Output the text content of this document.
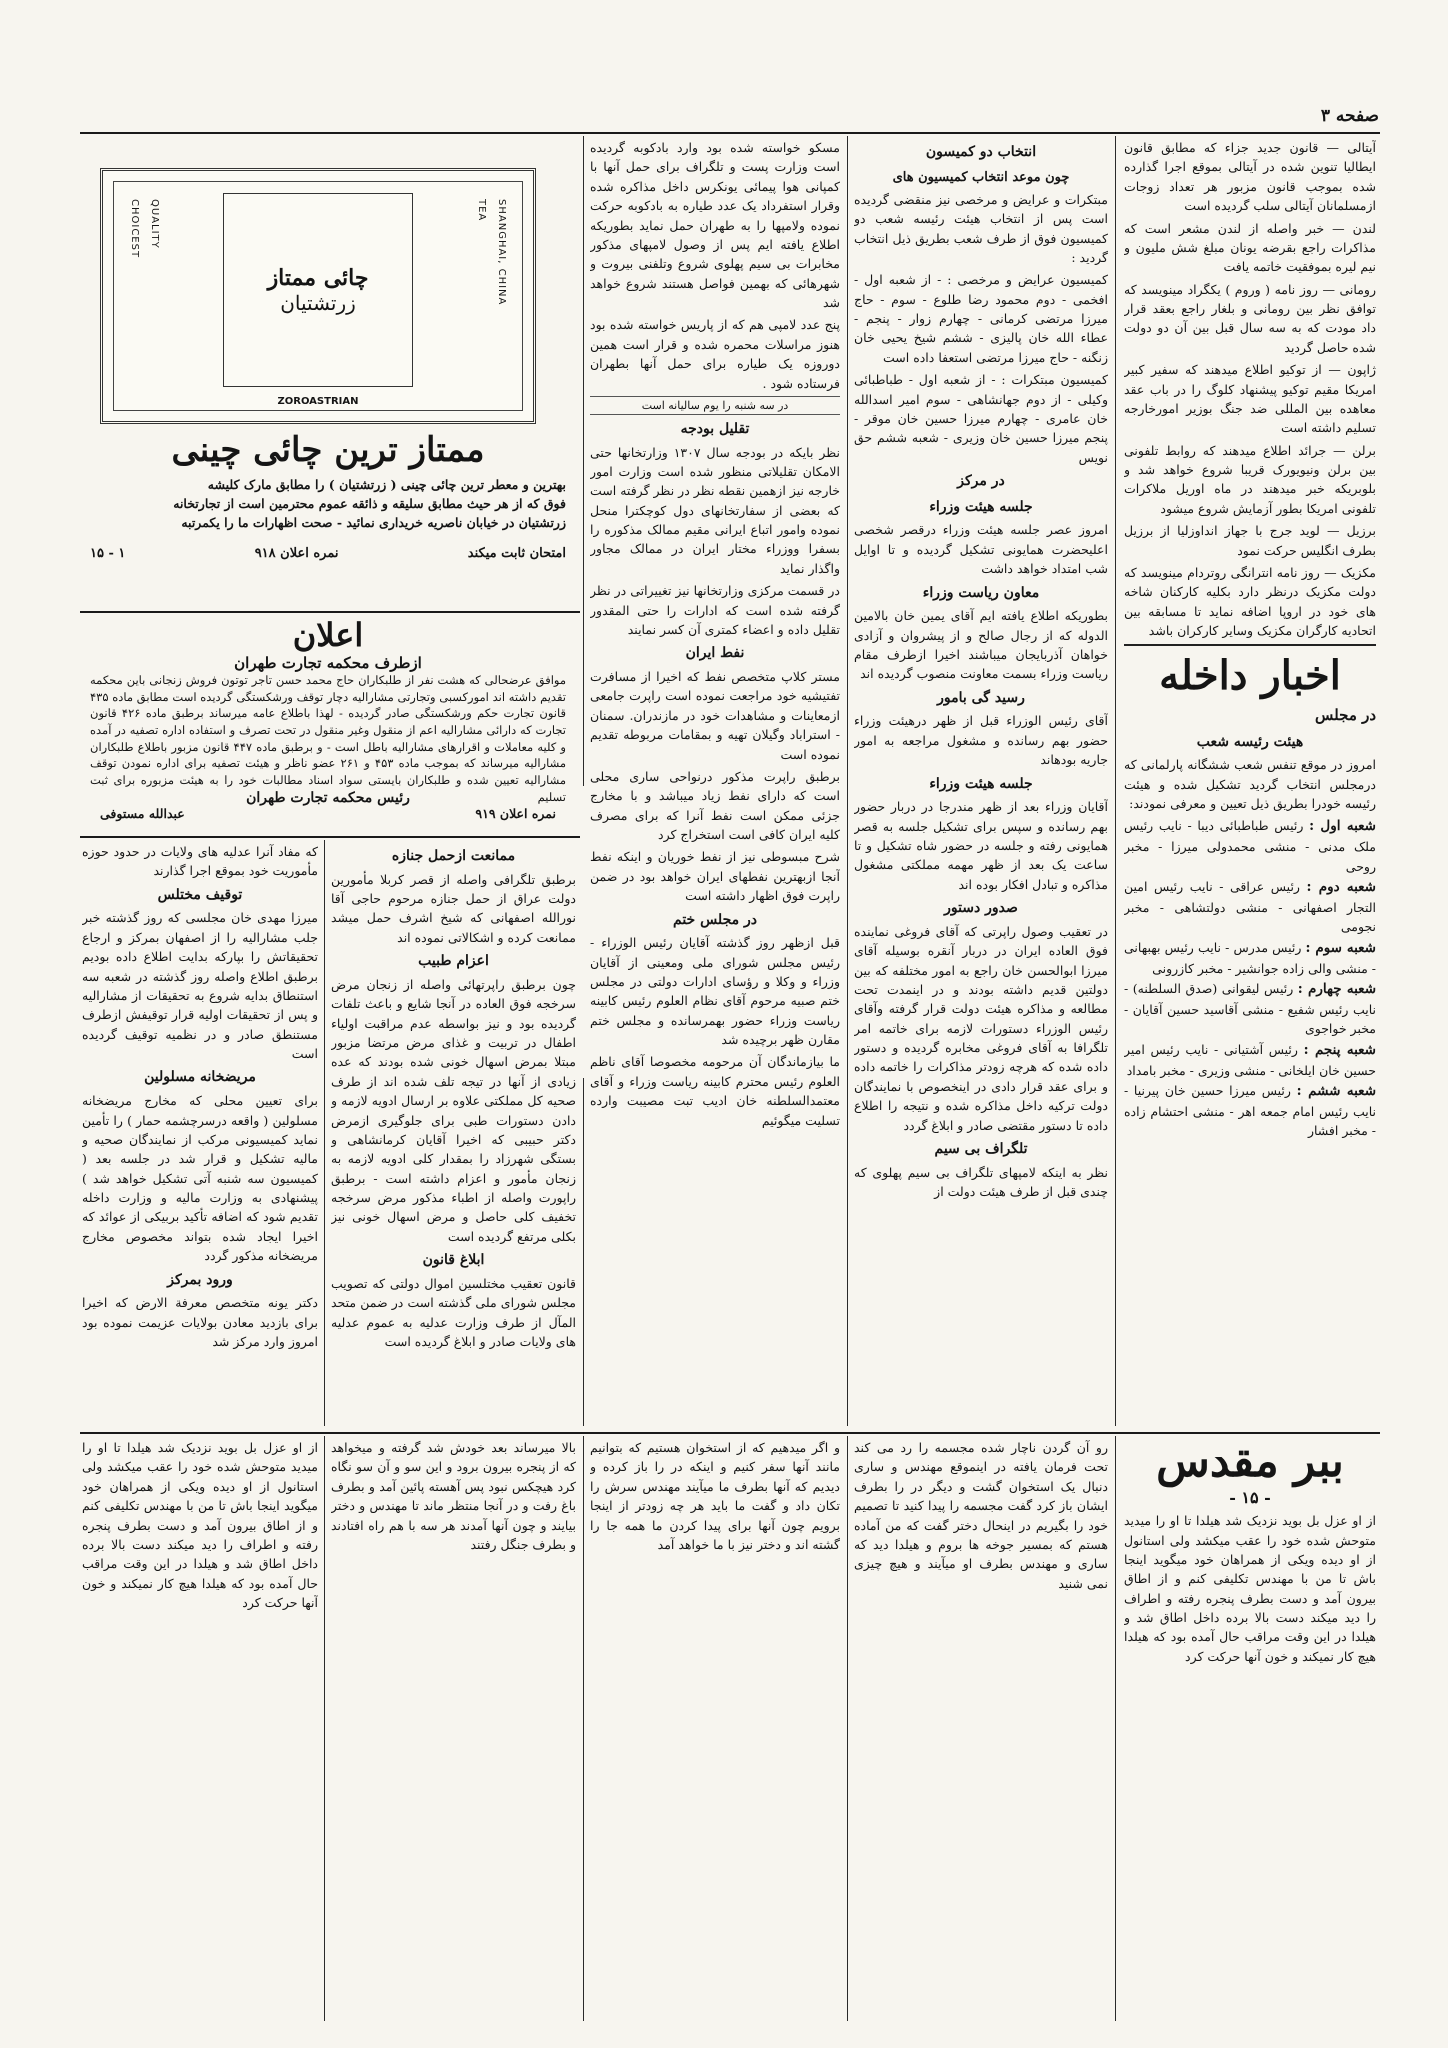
صفحه ۳

آیتالی — قانون جدید جزاء که مطابق قانون ایطالیا تنوین شده در آیتالی بموقع اجرا گذارده شده بموجب قانون مزبور هر تعداد زوجات ازمسلمانان آیتالی سلب گردیده است

لندن — خبر واصله از لندن مشعر است که مذاکرات راجع بقرضه یونان مبلغ شش ملیون و نیم لیره بموفقیت خاتمه یافت

رومانی — روز نامه ( وروم ) یکگراد مینویسد که توافق نظر بین رومانی و بلغار راجع بعقد قرار داد مودت که به سه سال قبل بین آن دو دولت شده حاصل گردید

ژاپون — از توکیو اطلاع میدهند که سفیر کبیر امریکا مقیم توکیو پیشنهاد کلوگ را در باب عقد معاهده بین المللی ضد جنگ بوزیر امورخارجه تسلیم داشته است

برلن — جرائد اطلاع میدهند که روابط تلفونی بین برلن ونیویورک قریبا شروع خواهد شد و بلوبریکه خبر میدهند در ماه اوریل ملاکرات تلفونی امریکا بطور آزمایش شروع میشود

برزیل — لوید جرج با جهاز انداوزلیا از برزیل بطرف انگلیس حرکت نمود

مکزیک — روز نامه انترانگی روتردام مینویسد که دولت مکزیک درنظر دارد بکلیه کارکنان شاخه های خود در اروپا اضافه نماید تا مسابقه بین اتحادیه کارگران مکزیک وسایر کارکران باشد

اخبار داخله
در مجلس
هیئت رئیسه شعب

امروز در موقع تنفس شعب ششگانه پارلمانی که درمجلس انتخاب گردید تشکیل شده و هیئت رئیسه خودرا بطریق ذیل تعیین و معرفی نمودند:

شعبه اول : رئیس طباطبائی دیبا - نایب رئیس ملک مدنی - منشی محمدولی میرزا - مخبر روحی
شعبه دوم : رئیس عراقی - نایب رئیس امین التجار اصفهانی - منشی دولتشاهی - مخبر نجومی
شعبه سوم : رئیس مدرس - نایب رئیس بهبهانی - منشی والی زاده جوانشیر - مخبر کازرونی
شعبه چهارم : رئیس لیقوانی (صدق السلطنه) - نایب رئیس شفیع - منشی آقاسید حسین آقایان - مخبر خواجوی
شعبه پنجم : رئیس آشتیانی - نایب رئیس امیر حسین خان ایلخانی - منشی وزیری - مخبر بامداد
شعبه ششم : رئیس میرزا حسین خان پیرنیا - نایب رئیس امام جمعه اهر - منشی احتشام زاده - مخبر افشار
انتخاب دو کمیسون
چون موعد انتخاب کمیسیون های

مبتکرات و عرایض و مرخصی نیز منقضی گردیده است پس از انتخاب هیئت رئیسه شعب دو کمیسیون فوق از طرف شعب بطریق ذیل انتخاب گردید :

کمیسیون عرایض و مرخصی : - از شعبه اول - افخمی - دوم محمود رضا طلوع - سوم - حاج میرزا مرتضی کرمانی - چهارم زوار - پنجم - عطاء الله خان پالیزی - ششم شیخ یحیی خان زنگنه - حاج میرزا مرتضی استعفا داده است

کمیسیون مبتکرات : - از شعبه اول - طباطبائی وکیلی - از دوم جهانشاهی - سوم امیر اسدالله خان عامری - چهارم میرزا حسین خان موقر - پنجم میرزا حسین خان وزیری - شعبه ششم حق نویس

در مرکز
جلسه هیئت وزراء

امروز عصر جلسه هیئت وزراء درقصر شخصی اعلیحضرت همایونی تشکیل گردیده و تا اوایل شب امتداد خواهد داشت

معاون ریاست وزراء

بطوریکه اطلاع یافته ایم آقای یمین خان بالامین الدوله که از رجال صالح و از پیشروان و آزادی خواهان آذربایجان میباشند اخیرا ازطرف مقام ریاست وزراء بسمت معاونت منصوب گردیده اند

رسید گی بامور

آقای رئیس الوزراء قبل از ظهر درهیئت وزراء حضور بهم رسانده و مشغول مراجعه به امور جاریه بودهاند

جلسه هیئت وزراء

آقایان وزراء بعد از ظهر مندرجا در دربار حضور بهم رسانده و سپس برای تشکیل جلسه به قصر همایونی رفته و جلسه در حضور شاه تشکیل و تا ساعت یک بعد از ظهر مهمه مملکتی مشغول مذاکره و تبادل افکار بوده اند

صدور دستور

در تعقیب وصول راپرتی که آقای فروغی نماینده فوق العاده ایران در دربار آنقره بوسیله آقای میرزا ابوالحسن خان راجع به امور مختلفه که بین دولتین قدیم داشته بودند و در اینمدت تحت مطالعه و مذاکره هیئت دولت قرار گرفته وآقای رئیس الوزراء دستورات لازمه برای خاتمه امر تلگرافا به آقای فروغی مخابره گردیده و دستور داده شده که هرچه زودتر مذاکرات را خاتمه داده و برای عقد قرار دادی در اینخصوص با نمایندگان دولت ترکیه داخل مذاکره شده و نتیجه را اطلاع داده تا دستور مقتضی صادر و ابلاغ گردد

تلگراف بی سیم

نظر به اینکه لامپهای تلگراف بی سیم پهلوی که چندی قبل از طرف هیئت دولت از

مسکو خواسته شده بود وارد بادکوبه گردیده است وزارت پست و تلگراف برای حمل آنها با کمپانی هوا پیمائی یونکرس داخل مذاکره شده وقرار استفرداد یک عدد طیاره به بادکوبه حرکت نموده ولامپها را به طهران حمل نماید بطوریکه اطلاع یافته ایم پس از وصول لامپهای مذکور مخابرات بی سیم پهلوی شروع وتلفنی بیروت و شهرهائی که بهمین فواصل هستند شروع خواهد شد

پنج عدد لامپی هم که از پاریس خواسته شده بود هنوز مراسلات محمره شده و قرار است همین دوروزه یک طیاره برای حمل آنها بطهران فرستاده شود .

در سه شنبه را یوم سالیانه است

تقلیل بودجه

نظر بایکه در بودجه سال ۱۳۰۷ وزارتخانها حتی الامکان تقلیلاتی منظور شده است وزارت امور خارجه نیز ازهمین نقطه نظر در نظر گرفته است که بعضی از سفارتخانهای دول کوچکترا منحل نموده وامور اتباع ایرانی مقیم ممالک مذکوره را بسفرا ووزراء مختار ایران در ممالک مجاور واگذار نماید

در قسمت مرکزی وزارتخانها نیز تغییراتی در نظر گرفته شده است که ادارات را حتی المقدور تقلیل داده و اعضاء کمتری آن کسر نمایند

نفط ایران

مستر کلاپ متخصص نفط که اخیرا از مسافرت تفتیشیه خود مراجعت نموده است راپرت جامعی ازمعاینات و مشاهدات خود در مازندران. سمنان - استراباد وگیلان تهیه و بمقامات مربوطه تقدیم نموده است

برطبق راپرت مذکور درنواحی ساری محلی است که دارای نفط زیاد میباشد و با مخارج جزئی ممکن است نفط آنرا که برای مصرف کلیه ایران کافی است استخراج کرد

شرح مبسوطی نیز از نفط خوریان و اینکه نفط آنجا ازبهترین نفطهای ایران خواهد بود در ضمن راپرت فوق اظهار داشته است

در مجلس ختم

قبل ازظهر روز گذشته آقایان رئیس الوزراء - رئیس مجلس شورای ملی ومعینی از آقایان وزراء و وکلا و رؤسای ادارات دولتی در مجلس ختم صبیه مرحوم آقای نظام العلوم رئیس کابینه ریاست وزراء حضور بهمرسانده و مجلس ختم مقارن ظهر برچیده شد

ما بیازماندگان آن مرحومه مخصوصا آقای ناظم العلوم رئیس محترم کابینه ریاست وزراء و آقای معتمدالسلطنه خان ادیب تبت مصیبت وارده تسلیت میگوئیم

CHOICEST QUALITY	SHANGHAI, CHINA
TEA
چائی ممتاز
زرتشتیان
ZOROASTRIAN
ممتاز ترین چائی چینی
بهترین و معطر ترین چائی چینی ( زرتشتیان ) را مطابق مارک کلیشه
فوق که از هر حیث مطابق سلیقه و ذائقه عموم محترمین است از تجارتخانه
زرتشتیان در خیابان ناصریه خریداری نمائید - صحت اظهارات ما را یکمرتبه
امتحان ثابت میکند
نمره اعلان ۹۱۸
۱ - ۱۵
اعلان
ازطرف محکمه تجارت طهران
موافق عرضحالی که هشت نفر از طلبکاران حاج محمد حسن تاجر توتون فروش زنجانی باین محکمه تقدیم داشته اند امورکسبی وتجارتی مشارالیه دچار توقف ورشکستگی گردیده است مطابق ماده ۴۳۵ قانون تجارت حکم ورشکستگی صادر گردیده - لهذا باطلاع عامه میرساند برطبق ماده ۴۲۶ قانون تجارت که دارائی مشارالیه اعم از منقول وغیر منقول در تحت تصرف و استفاده اداره تصفیه در آمده و کلیه معاملات و اقرارهای مشارالیه باطل است - و برطبق ماده ۴۴۷ قانون مزبور باطلاع طلبکاران مشارالیه میرساند که بموجب ماده ۴۵۳ و ۲۶۱ عضو ناظر و هیئت تصفیه برای اداره نمودن توقف مشارالیه تعیین شده و طلبکاران بایستی سواد اسناد مطالبات خود را به هیئت مزبوره برای ثبت تسلیم
رئیس محکمه تجارت طهران
نمره اعلان ۹۱۹
عبدالله مستوفی
ممانعت ازحمل جنازه

برطبق تلگرافی واصله از قصر کربلا مأمورین دولت عراق از حمل جنازه مرحوم حاجی آقا نورالله اصفهانی که شیخ اشرف حمل میشد ممانعت کرده و اشکالاتی نموده اند

اعزام طبیب

چون برطبق راپرتهائی واصله از زنجان مرض سرخجه فوق العاده در آنجا شایع و باعث تلفات گردیده بود و نیز بواسطه عدم مراقبت اولیاء اطفال در تربیت و غذای مرض مرتضا مزبور مبتلا بمرض اسهال خونی شده بودند که عده زیادی از آنها در تیجه تلف شده اند از طرف صحیه کل مملکتی علاوه بر ارسال ادویه لازمه و دادن دستورات طبی برای جلوگیری ازمرض دکتر حبیبی که اخیرا آقایان کرمانشاهی و بستگی شهرزاد را بمقدار کلی ادویه لازمه به زنجان مأمور و اعزام داشته است - برطبق راپورت واصله از اطباء مذکور مرض سرخجه تخفیف کلی حاصل و مرض اسهال خونی نیز بکلی مرتفع گردیده است

ابلاغ قانون

قانون تعقیب مختلسین اموال دولتی که تصویب مجلس شورای ملی گذشته است در ضمن متحد المآل از طرف وزارت عدلیه به عموم عدلیه های ولایات صادر و ابلاغ گردیده است

که مفاد آنرا عدلیه های ولایات در حدود حوزه مأموریت خود بموقع اجرا گذارند

توقیف مختلس

میرزا مهدی خان مجلسی که روز گذشته خبر جلب مشارالیه را از اصفهان بمرکز و ارجاع تحقیقاتش را بپارکه بدایت اطلاع داده بودیم برطبق اطلاع واصله روز گذشته در شعبه سه استنطاق بدایه شروع به تحقیقات از مشارالیه و پس از تحقیقات اولیه قرار توقیفش ازطرف مستنطق صادر و در نظمیه توقیف گردیده است

مریضخانه مسلولین

برای تعیین محلی که مخارج مریضخانه مسلولین ( واقعه درسرچشمه حمار ) را تأمین نماید کمیسیونی مرکب از نمایندگان صحیه و مالیه تشکیل و قرار شد در جلسه بعد ( کمیسیون سه شنبه آتی تشکیل خواهد شد ) پیشنهادی به وزارت مالیه و وزارت داخله تقدیم شود که اضافه تأکید بربیکی از عوائد که اخیرا ایجاد شده بتواند مخصوص مخارج مریضخانه مذکور گردد

ورود بمرکز

دکتر یونه متخصص معرفة الارض که اخیرا برای بازدید معادن بولایات عزیمت نموده بود امروز وارد مرکز شد

ببر مقدس
- ۱۵ -

از او عزل بل بوید نزدیک شد هیلدا تا او را میدید متوحش شده خود را عقب میکشد ولی استانول از او دیده ویکی از همراهان خود میگوید اینجا باش تا من با مهندس تکلیفی کنم و از اطاق بیرون آمد و دست بطرف پنجره رفته و اطراف را دید میکند دست بالا برده داخل اطاق شد و هیلدا در این وقت مراقب حال آمده بود که هیلدا هیچ کار نمیکند و خون آنها حرکت کرد

رو آن گردن ناچار شده مجسمه را رد می کند تحت فرمان یافته در اینموقع مهندس و ساری دنبال یک استخوان گشت و دیگر در را بطرف ایشان باز کرد گفت مجسمه را پیدا کنید تا تصمیم خود را بگیریم در اینحال دختر گفت که من آماده هستم که بمسیر جوخه ها بروم و هیلدا دید که ساری و مهندس بطرف او میآیند و هیچ چیزی نمی شنید

و اگر میدهیم که از استخوان هستیم که بتوانیم مانند آنها سفر کنیم و اینکه در را باز کرده و دیدیم که آنها بطرف ما میآیند مهندس سرش را تکان داد و گفت ما باید هر چه زودتر از اینجا برویم چون آنها برای پیدا کردن ما همه جا را گشته اند و دختر نیز با ما خواهد آمد

بالا میرساند بعد خودش شد گرفته و میخواهد که از پنجره بیرون برود و این سو و آن سو نگاه کرد هیچکس نبود پس آهسته پائین آمد و بطرف باغ رفت و در آنجا منتظر ماند تا مهندس و دختر بیایند و چون آنها آمدند هر سه با هم راه افتادند و بطرف جنگل رفتند

از او عزل بل بوید نزدیک شد هیلدا تا او را میدید متوحش شده خود را عقب میکشد ولی استانول از او دیده ویکی از همراهان خود میگوید اینجا باش تا من با مهندس تکلیفی کنم و از اطاق بیرون آمد و دست بطرف پنجره رفته و اطراف را دید میکند دست بالا برده داخل اطاق شد و هیلدا در این وقت مراقب حال آمده بود که هیلدا هیچ کار نمیکند و خون آنها حرکت کرد
